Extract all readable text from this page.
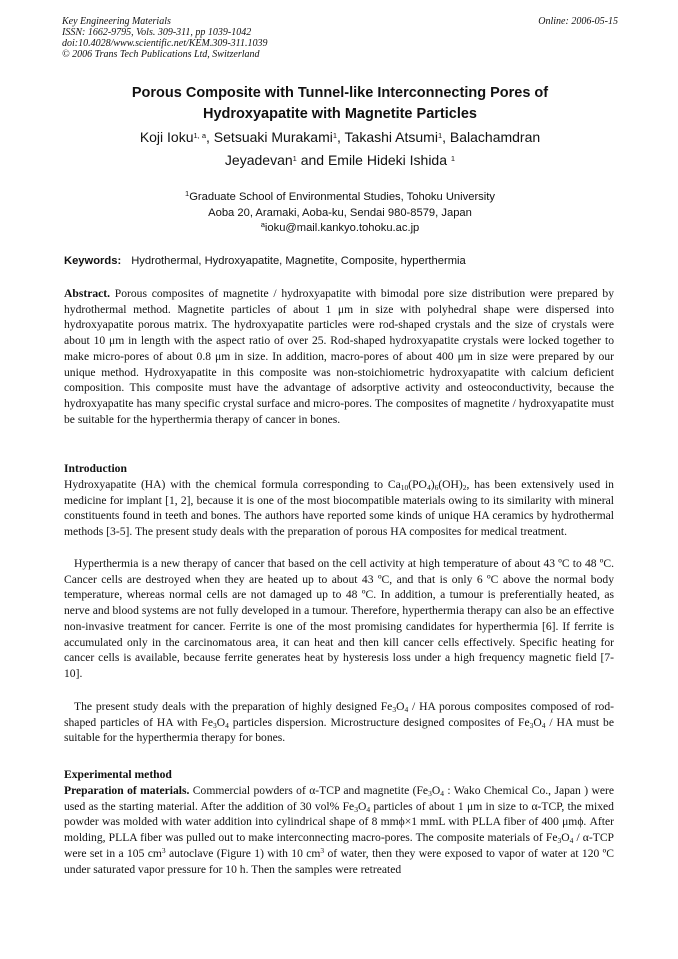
Key Engineering Materials
ISSN: 1662-9795, Vols. 309-311, pp 1039-1042
doi:10.4028/www.scientific.net/KEM.309-311.1039
© 2006 Trans Tech Publications Ltd, Switzerland
Online: 2006-05-15
Porous Composite with Tunnel-like Interconnecting Pores of
Hydroxyapatite with Magnetite Particles
Koji Ioku$^{1, a}$, Setsuaki Murakami$^1$, Takashi Atsumi$^1$, Balachamdran
Jeyadevan$^1$ and Emile Hideki Ishida $^1$
$^1$Graduate School of Environmental Studies, Tohoku University
Aoba 20, Aramaki, Aoba-ku, Sendai 980-8579, Japan
$^a$ioku@mail.kankyo.tohoku.ac.jp
Keywords: Hydrothermal, Hydroxyapatite, Magnetite, Composite, hyperthermia
Abstract. Porous composites of magnetite / hydroxyapatite with bimodal pore size distribution were prepared by hydrothermal method. Magnetite particles of about 1 μm in size with polyhedral shape were dispersed into hydroxyapatite porous matrix. The hydroxyapatite particles were rod-shaped crystals and the size of crystals were about 10 μm in length with the aspect ratio of over 25. Rod-shaped hydroxyapatite crystals were locked together to make micro-pores of about 0.8 μm in size. In addition, macro-pores of about 400 μm in size were prepared by our unique method. Hydroxyapatite in this composite was non-stoichiometric hydroxyapatite with calcium deficient composition. This composite must have the advantage of adsorptive activity and osteoconductivity, because the hydroxyapatite has many specific crystal surface and micro-pores. The composites of magnetite / hydroxyapatite must be suitable for the hyperthermia therapy of cancer in bones.
Introduction
Hydroxyapatite (HA) with the chemical formula corresponding to $Ca_{10}(PO_4)_6(OH)_2$, has been extensively used in medicine for implant [1, 2], because it is one of the most biocompatible materials owing to its similarity with mineral constituents found in teeth and bones. The authors have reported some kinds of unique HA ceramics by hydrothermal methods [3-5]. The present study deals with the preparation of porous HA composites for medical treatment.
Hyperthermia is a new therapy of cancer that based on the cell activity at high temperature of about 43 ºC to 48 ºC. Cancer cells are destroyed when they are heated up to about 43 ºC, and that is only 6 ºC above the normal body temperature, whereas normal cells are not damaged up to 48 ºC. In addition, a tumour is preferentially heated, as nerve and blood systems are not fully developed in a tumour. Therefore, hyperthermia therapy can also be an effective non-invasive treatment for cancer. Ferrite is one of the most promising candidates for hyperthermia [6]. If ferrite is accumulated only in the carcinomatous area, it can heat and then kill cancer cells effectively. Specific heating for cancer cells is available, because ferrite generates heat by hysteresis loss under a high frequency magnetic field [7-10].
The present study deals with the preparation of highly designed $Fe_3O_4$ / HA porous composites composed of rod-shaped particles of HA with $Fe_3O_4$ particles dispersion. Microstructure designed composites of $Fe_3O_4$ / HA must be suitable for the hyperthermia therapy for bones.
Experimental method
Preparation of materials. Commercial powders of α-TCP and magnetite ($Fe_3O_4$ : Wako Chemical Co., Japan ) were used as the starting material. After the addition of 30 vol% $Fe_3O_4$ particles of about 1 μm in size to α-TCP, the mixed powder was molded with water addition into cylindrical shape of 8 mmϕ×1 mmL with PLLA fiber of 400 μmϕ. After molding, PLLA fiber was pulled out to make interconnecting macro-pores. The composite materials of $Fe_3O_4 / \alpha-TCP$ were set in a 105 $cm^3$ autoclave (Figure 1) with 10 $cm^3$ of water, then they were exposed to vapor of water at 120 ºC under saturated vapor pressure for 10 h. Then the samples were retreated
